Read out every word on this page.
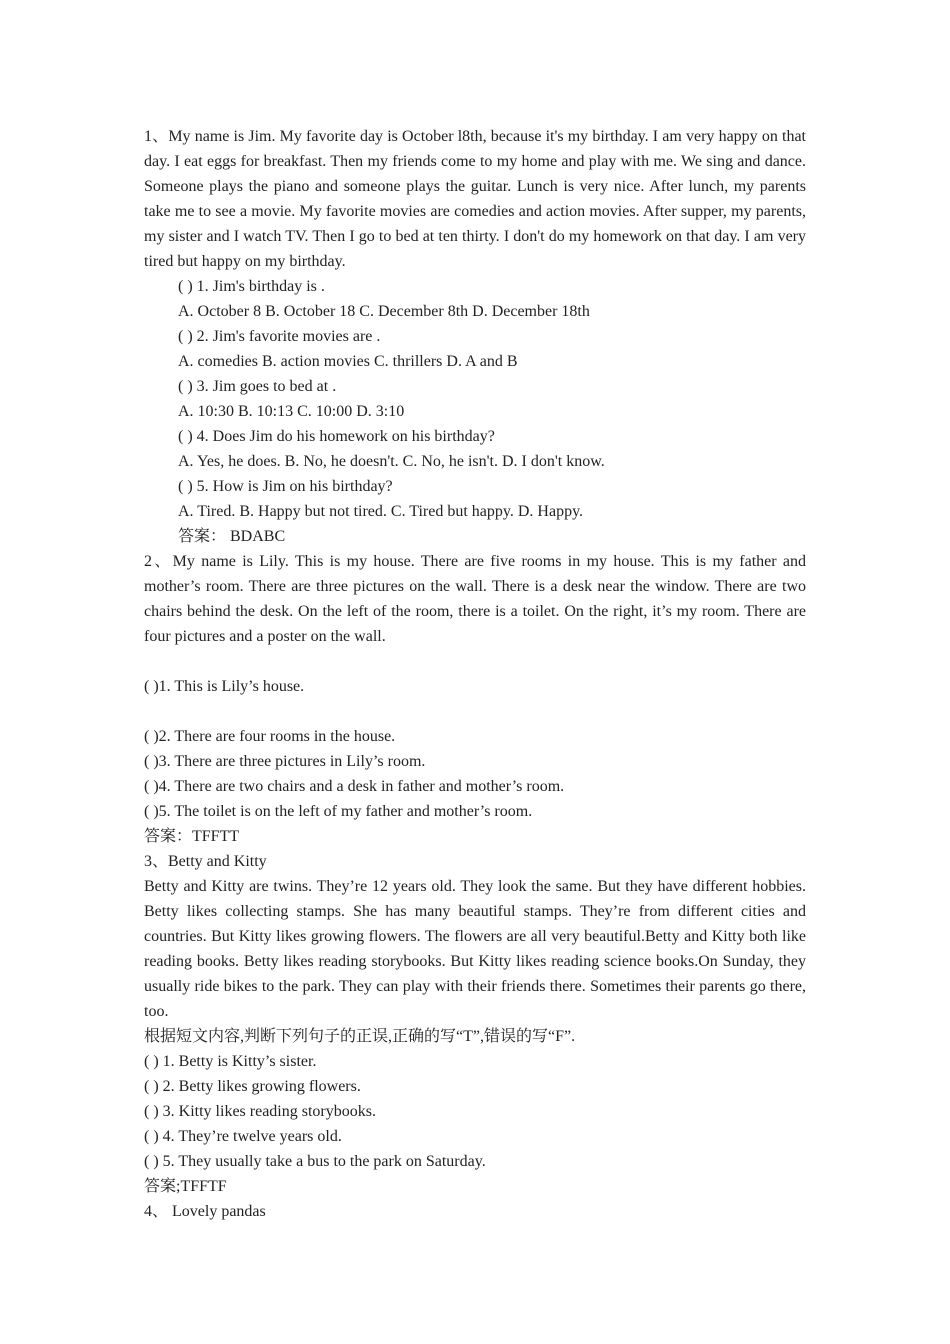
1、My name is Jim. My favorite day is October l8th, because it's my birthday. I am very happy on that day. I eat eggs for breakfast. Then my friends come to my home and play with me. We sing and dance. Someone plays the piano and someone plays the guitar. Lunch is very nice. After lunch, my parents take me to see a movie. My favorite movies are comedies and action movies. After supper, my parents, my sister and I watch TV. Then I go to bed at ten thirty. I don't do my homework on that day. I am very tired but happy on my birthday.
( ) 1. Jim's birthday is .
A. October 8 B. October 18 C. December 8th D. December 18th
( ) 2. Jim's favorite movies are .
A. comedies B. action movies C. thrillers D. A and B
( ) 3. Jim goes to bed at .
A. 10:30 B. 10:13 C. 10:00 D. 3:10
( ) 4. Does Jim do his homework on his birthday?
A. Yes, he does. B. No, he doesn't. C. No, he isn't. D. I don't know.
( ) 5. How is Jim on his birthday?
A. Tired. B. Happy but not tired. C. Tired but happy. D. Happy.
答案： BDABC
2、My name is Lily. This is my house. There are five rooms in my house. This is my father and mother’s room. There are three pictures on the wall. There is a desk near the window. There are two chairs behind the desk. On the left of the room, there is a toilet. On the right, it’s my room. There are four pictures and a poster on the wall.
( )1. This is Lily’s house.
( )2. There are four rooms in the house.
( )3. There are three pictures in Lily’s room.
( )4. There are two chairs and a desk in father and mother’s room.
( )5. The toilet is on the left of my father and mother’s room.
答案：TFFTT
3、Betty and Kitty
Betty and Kitty are twins. They’re 12 years old. They look the same. But they have different hobbies. Betty likes collecting stamps. She has many beautiful stamps. They’re from different cities and countries. But Kitty likes growing flowers. The flowers are all very beautiful.Betty and Kitty both like reading books. Betty likes reading storybooks. But Kitty likes reading science books.On Sunday, they usually ride bikes to the park. They can play with their friends there. Sometimes their parents go there, too.
根据短文内容,判断下列句子的正误,正确的写“T”,错误的写“F”.
( ) 1. Betty is Kitty’s sister.
( ) 2. Betty likes growing flowers.
( ) 3. Kitty likes reading storybooks.
( ) 4. They’re twelve years old.
( ) 5. They usually take a bus to the park on Saturday.
答案;TFFTF
4、 Lovely pandas
